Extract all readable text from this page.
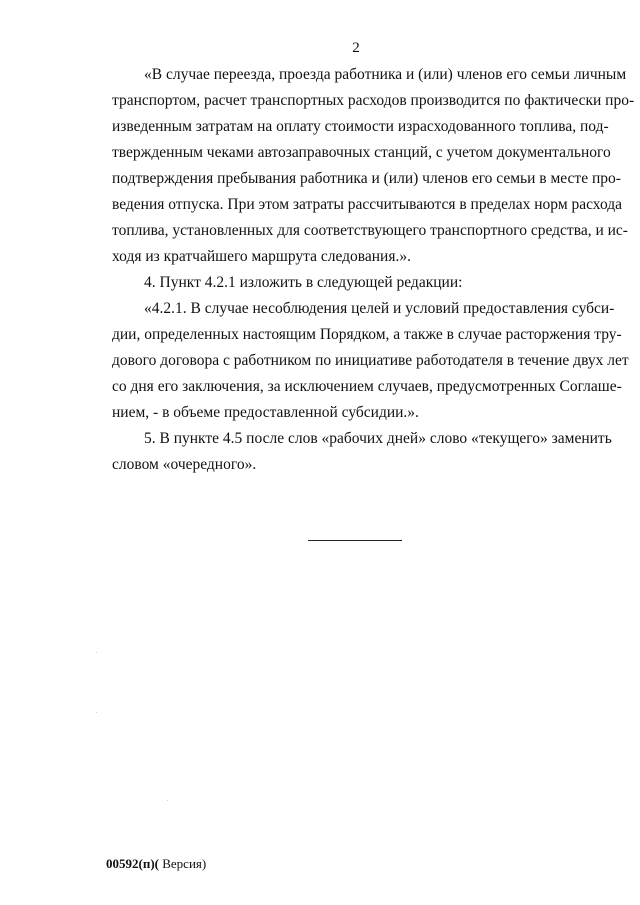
2
«В случае переезда, проезда работника и (или) членов его семьи личным
транспортом, расчет транспортных расходов производится по фактически про-
изведенным затратам на оплату стоимости израсходованного топлива, под-
твержденным чеками автозаправочных станций, с учетом документального
подтверждения пребывания работника и (или) членов его семьи в месте про-
ведения отпуска. При этом затраты рассчитываются в пределах норм расхода
топлива, установленных для соответствующего транспортного средства, и ис-
ходя из кратчайшего маршрута следования.».
4. Пункт 4.2.1 изложить в следующей редакции:
«4.2.1. В случае несоблюдения целей и условий предоставления субси-
дии, определенных настоящим Порядком, а также в случае расторжения тру-
дового договора с работником по инициативе работодателя в течение двух лет
со дня его заключения, за исключением случаев, предусмотренных Соглаше-
нием, - в объеме предоставленной субсидии.».
5. В пункте 4.5 после слов «рабочих дней» слово «текущего» заменить
словом «очередного».
00592(п)( Версия)
